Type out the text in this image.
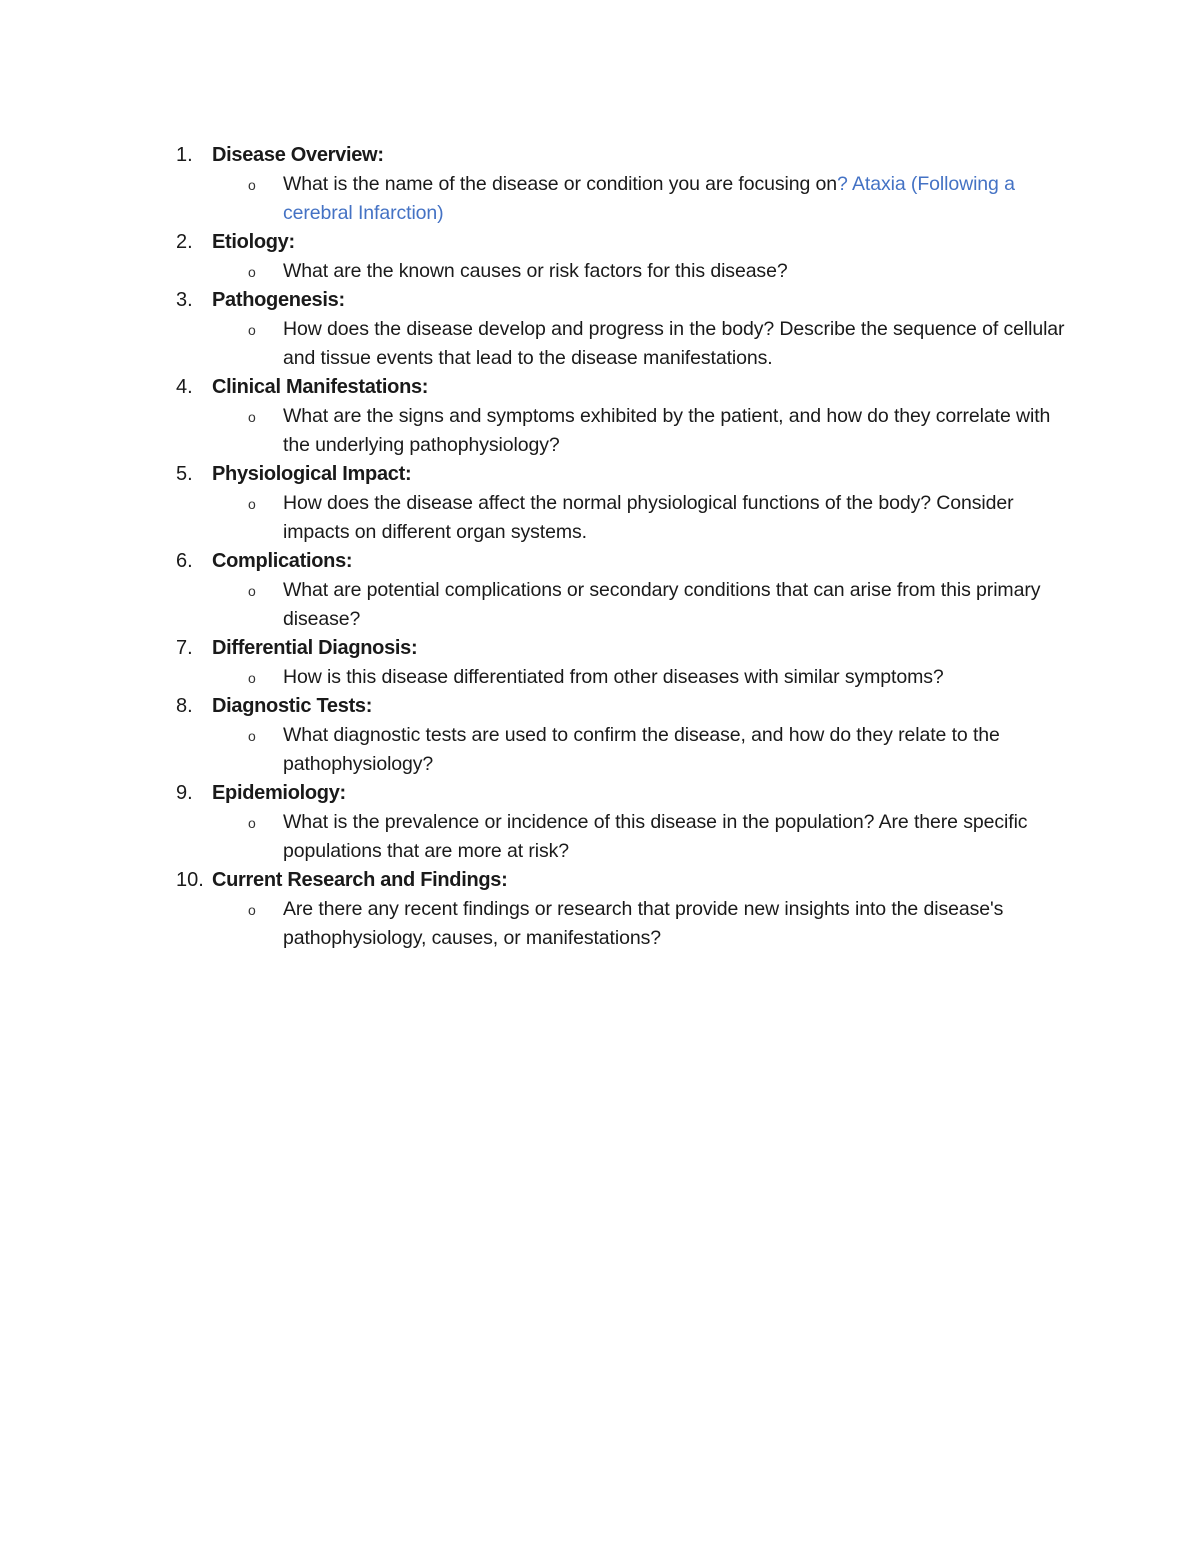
1. Disease Overview:
o What is the name of the disease or condition you are focusing on? Ataxia (Following a cerebral Infarction)
2. Etiology:
o What are the known causes or risk factors for this disease?
3. Pathogenesis:
o How does the disease develop and progress in the body? Describe the sequence of cellular and tissue events that lead to the disease manifestations.
4. Clinical Manifestations:
o What are the signs and symptoms exhibited by the patient, and how do they correlate with the underlying pathophysiology?
5. Physiological Impact:
o How does the disease affect the normal physiological functions of the body? Consider impacts on different organ systems.
6. Complications:
o What are potential complications or secondary conditions that can arise from this primary disease?
7. Differential Diagnosis:
o How is this disease differentiated from other diseases with similar symptoms?
8. Diagnostic Tests:
o What diagnostic tests are used to confirm the disease, and how do they relate to the pathophysiology?
9. Epidemiology:
o What is the prevalence or incidence of this disease in the population? Are there specific populations that are more at risk?
10. Current Research and Findings:
o Are there any recent findings or research that provide new insights into the disease's pathophysiology, causes, or manifestations?
